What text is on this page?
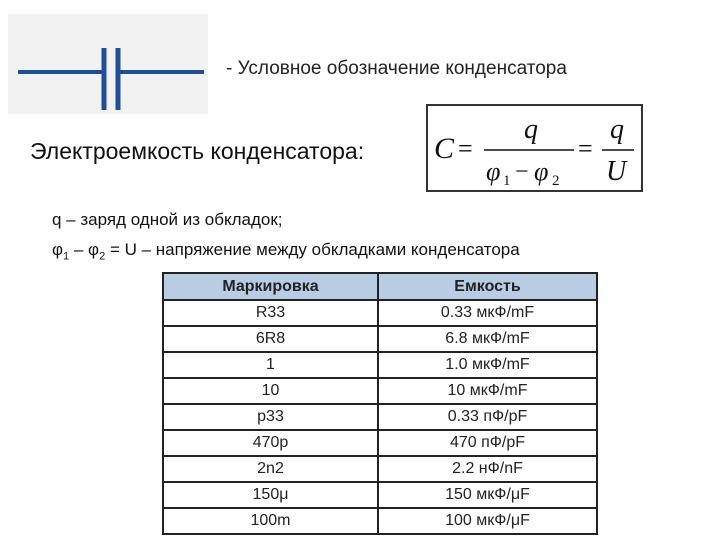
- Условное обозначение конденсатора
Электроемкость конденсатора: C =
q
φ 1 − φ 2
=
q
U
q – заряд одной из обкладок;
$\varphi_1 - \varphi_2 = U$ – напряжение между обкладками конденсатора
Маркировка	Емкость
R33	0.33 мкФ/mF
6R8	6.8 мкФ/mF
1	1.0 мкФ/mF
10	10 мкФ/mF
p33	0.33 пФ/pF
470p	470 пФ/pF
2n2	2.2 нФ/nF
150μ	150 мкФ/μF
100m	100 мкФ/μF
